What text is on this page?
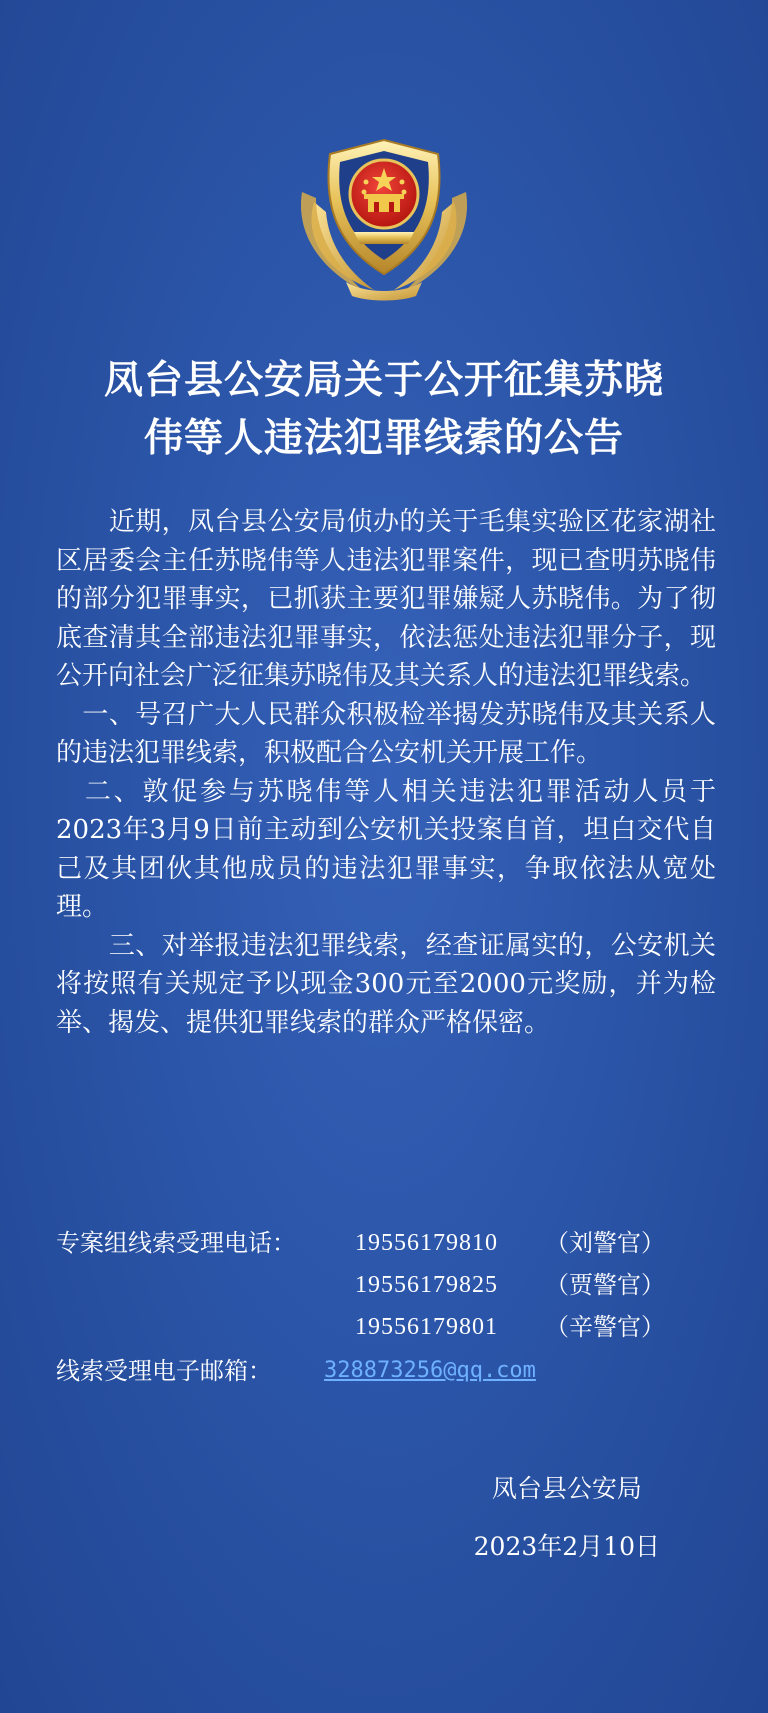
凤台县公安局关于公开征集苏晓
伟等人违法犯罪线索的公告

　　近期，凤台县公安局侦办的关于毛集实验区花家湖社区居委会主任苏晓伟等人违法犯罪案件，现已查明苏晓伟的部分犯罪事实，已抓获主要犯罪嫌疑人苏晓伟。为了彻底查清其全部违法犯罪事实，依法惩处违法犯罪分子，现公开向社会广泛征集苏晓伟及其关系人的违法犯罪线索。

　一、号召广大人民群众积极检举揭发苏晓伟及其关系人的违法犯罪线索，积极配合公安机关开展工作。

　二、敦促参与苏晓伟等人相关违法犯罪活动人员于2023年3月9日前主动到公安机关投案自首，坦白交代自己及其团伙其他成员的违法犯罪事实，争取依法从宽处理。

　　三、对举报违法犯罪线索，经查证属实的，公安机关将按照有关规定予以现金300元至2000元奖励，并为检举、揭发、提供犯罪线索的群众严格保密。

专案组线索受理电话：	19556179810	（刘警官）
19556179825	（贾警官）
19556179801	（辛警官）
线索受理电子邮箱：	328873256@qq.com
凤台县公安局
2023年2月10日
